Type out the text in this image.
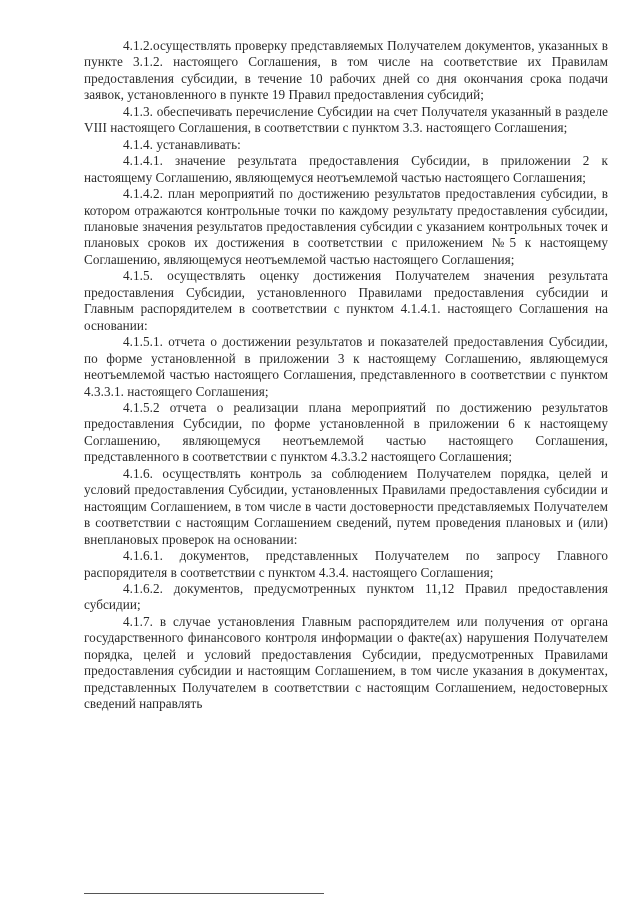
4.1.2.осуществлять проверку представляемых Получателем документов, указанных в пункте 3.1.2. настоящего Соглашения, в том числе на соответствие их Правилам предоставления субсидии, в течение 10 рабочих дней со дня окончания срока подачи заявок, установленного в пункте 19 Правил предоставления субсидий;

4.1.3. обеспечивать перечисление Субсидии на счет Получателя указанный в разделе VIII настоящего Соглашения, в соответствии с пунктом 3.3. настоящего Соглашения;

4.1.4. устанавливать:

4.1.4.1. значение результата предоставления Субсидии, в приложении 2 к настоящему Соглашению, являющемуся неотъемлемой частью настоящего Соглашения;

4.1.4.2. план мероприятий по достижению результатов предоставления субсидии, в котором отражаются контрольные точки по каждому результату предоставления субсидии, плановые значения результатов предоставления субсидии с указанием контрольных точек и плановых сроков их достижения в соответствии с приложением №5 к настоящему Соглашению, являющемуся неотъемлемой частью настоящего Соглашения;

4.1.5. осуществлять оценку достижения Получателем значения результата предоставления Субсидии, установленного Правилами предоставления субсидии и Главным распорядителем в соответствии с пунктом 4.1.4.1. настоящего Соглашения на основании:

4.1.5.1. отчета о достижении результатов и показателей предоставления Субсидии, по форме установленной в приложении 3 к настоящему Соглашению, являющемуся неотъемлемой частью настоящего Соглашения, представленного в соответствии с пунктом 4.3.3.1. настоящего Соглашения;

4.1.5.2 отчета о реализации плана мероприятий по достижению результатов предоставления Субсидии, по форме установленной в приложении 6 к настоящему Соглашению, являющемуся неотъемлемой частью настоящего Соглашения, представленного в соответствии с пунктом 4.3.3.2 настоящего Соглашения;

4.1.6. осуществлять контроль за соблюдением Получателем порядка, целей и условий предоставления Субсидии, установленных Правилами предоставления субсидии и настоящим Соглашением, в том числе в части достоверности представляемых Получателем в соответствии с настоящим Соглашением сведений, путем проведения плановых и (или) внеплановых проверок на основании:

4.1.6.1. документов, представленных Получателем по запросу Главного распорядителя в соответствии с пунктом 4.3.4. настоящего Соглашения;

4.1.6.2. документов, предусмотренных пунктом 11,12 Правил предоставления субсидии;

4.1.7. в случае установления Главным распорядителем или получения от органа государственного финансового контроля информации о факте(ах) нарушения Получателем порядка, целей и условий предоставления Субсидии, предусмотренных Правилами предоставления субсидии и настоящим Соглашением, в том числе указания в документах, представленных Получателем в соответствии с настоящим Соглашением, недостоверных сведений направлять
